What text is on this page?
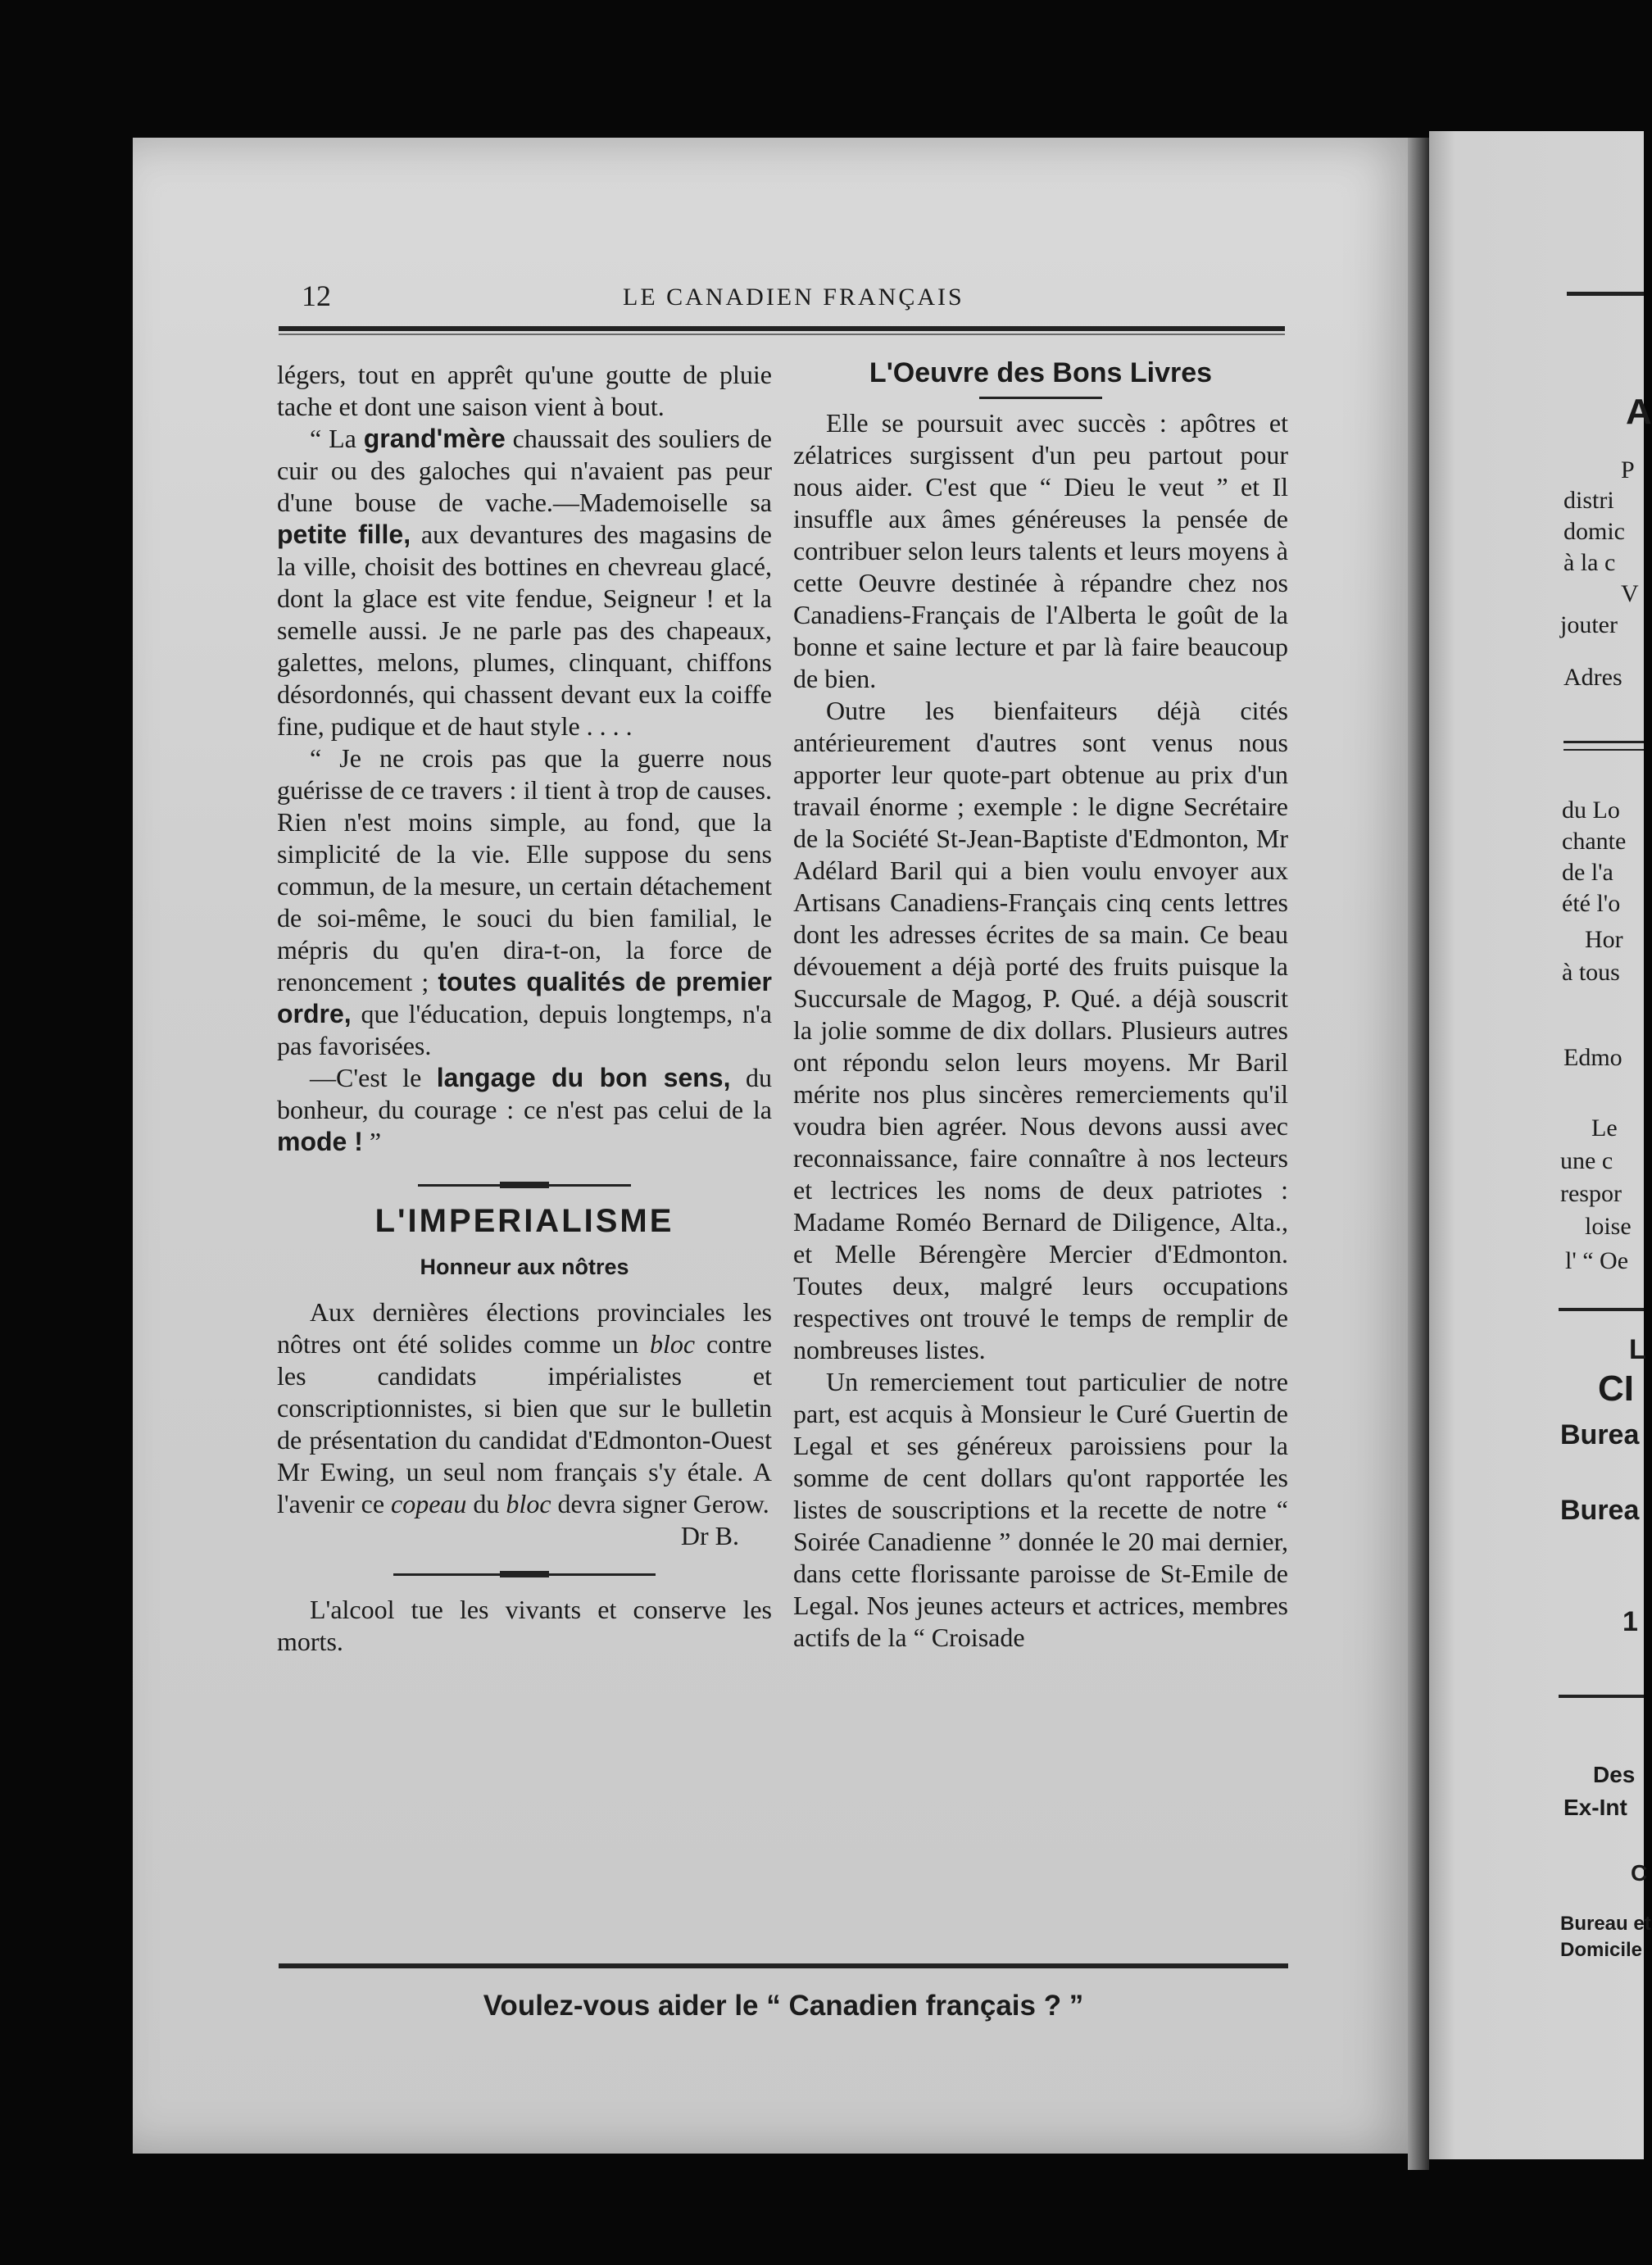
12	LE CANADIEN FRANÇAIS

légers, tout en apprêt qu'une goutte de pluie tache et dont une saison vient à bout.

“ La grand'mère chaussait des souliers de cuir ou des galoches qui n'avaient pas peur d'une bouse de vache.—Mademoiselle sa petite fille, aux devantures des magasins de la ville, choisit des bottines en chevreau glacé, dont la glace est vite fendue, Seigneur ! et la semelle aussi. Je ne parle pas des chapeaux, galettes, melons, plumes, clinquant, chiffons désordonnés, qui chassent devant eux la coiffe fine, pudique et de haut style . . . .

“ Je ne crois pas que la guerre nous guérisse de ce travers : il tient à trop de causes. Rien n'est moins simple, au fond, que la simplicité de la vie. Elle suppose du sens commun, de la mesure, un certain détachement de soi-même, le souci du bien familial, le mépris du qu'en dira-t-on, la force de renoncement ; toutes qualités de premier ordre, que l'éducation, depuis longtemps, n'a pas favorisées.

—C'est le langage du bon sens, du bonheur, du courage : ce n'est pas celui de la mode ! ”

L'IMPERIALISME
Honneur aux nôtres

Aux dernières élections provinciales les nôtres ont été solides comme un bloc contre les candidats impérialistes et conscriptionnistes, si bien que sur le bulletin de présentation du candidat d'Edmonton-Ouest Mr Ewing, un seul nom français s'y étale. A l'avenir ce copeau du bloc devra signer Gerow.

Dr B.

L'alcool tue les vivants et conserve les morts.

L'Oeuvre des Bons Livres

Elle se poursuit avec succès : apôtres et zélatrices surgissent d'un peu partout pour nous aider. C'est que “ Dieu le veut ” et Il insuffle aux âmes généreuses la pensée de contribuer selon leurs talents et leurs moyens à cette Oeuvre destinée à répandre chez nos Canadiens-Français de l'Alberta le goût de la bonne et saine lecture et par là faire beaucoup de bien.

Outre les bienfaiteurs déjà cités antérieurement d'autres sont venus nous apporter leur quote-part obtenue au prix d'un travail énorme ; exemple : le digne Secrétaire de la Société St-Jean-Baptiste d'Edmonton, Mr Adélard Baril qui a bien voulu envoyer aux Artisans Canadiens-Français cinq cents lettres dont les adresses écrites de sa main. Ce beau dévouement a déjà porté des fruits puisque la Succursale de Magog, P. Qué. a déjà souscrit la jolie somme de dix dollars. Plusieurs autres ont répondu selon leurs moyens. Mr Baril mérite nos plus sincères remerciements qu'il voudra bien agréer. Nous devons aussi avec reconnaissance, faire connaître à nos lecteurs et lectrices les noms de deux patriotes : Madame Roméo Bernard de Diligence, Alta., et Melle Bérengère Mercier d'Edmonton. Toutes deux, malgré leurs occupations respectives ont trouvé le temps de remplir de nombreuses listes.

Un remerciement tout particulier de notre part, est acquis à Monsieur le Curé Guertin de Legal et ses généreux paroissiens pour la somme de cent dollars qu'ont rapportée les listes de souscriptions et la recette de notre “ Soirée Canadienne ” donnée le 20 mai dernier, dans cette florissante paroisse de St-Emile de Legal. Nos jeunes acteurs et actrices, membres actifs de la “ Croisade

Voulez-vous aider le “ Canadien français ? ”
A
P
distri
domic
à la c
V
jouter
Adres
du Lo
chante
de l'a
été l'o
Hor
à tous
Edmo
Le
une c
respor
loise
l' “ Oe
L
CI
Burea
Burea
1
Des
Ex-Int
C
Bureau et
Domicile
